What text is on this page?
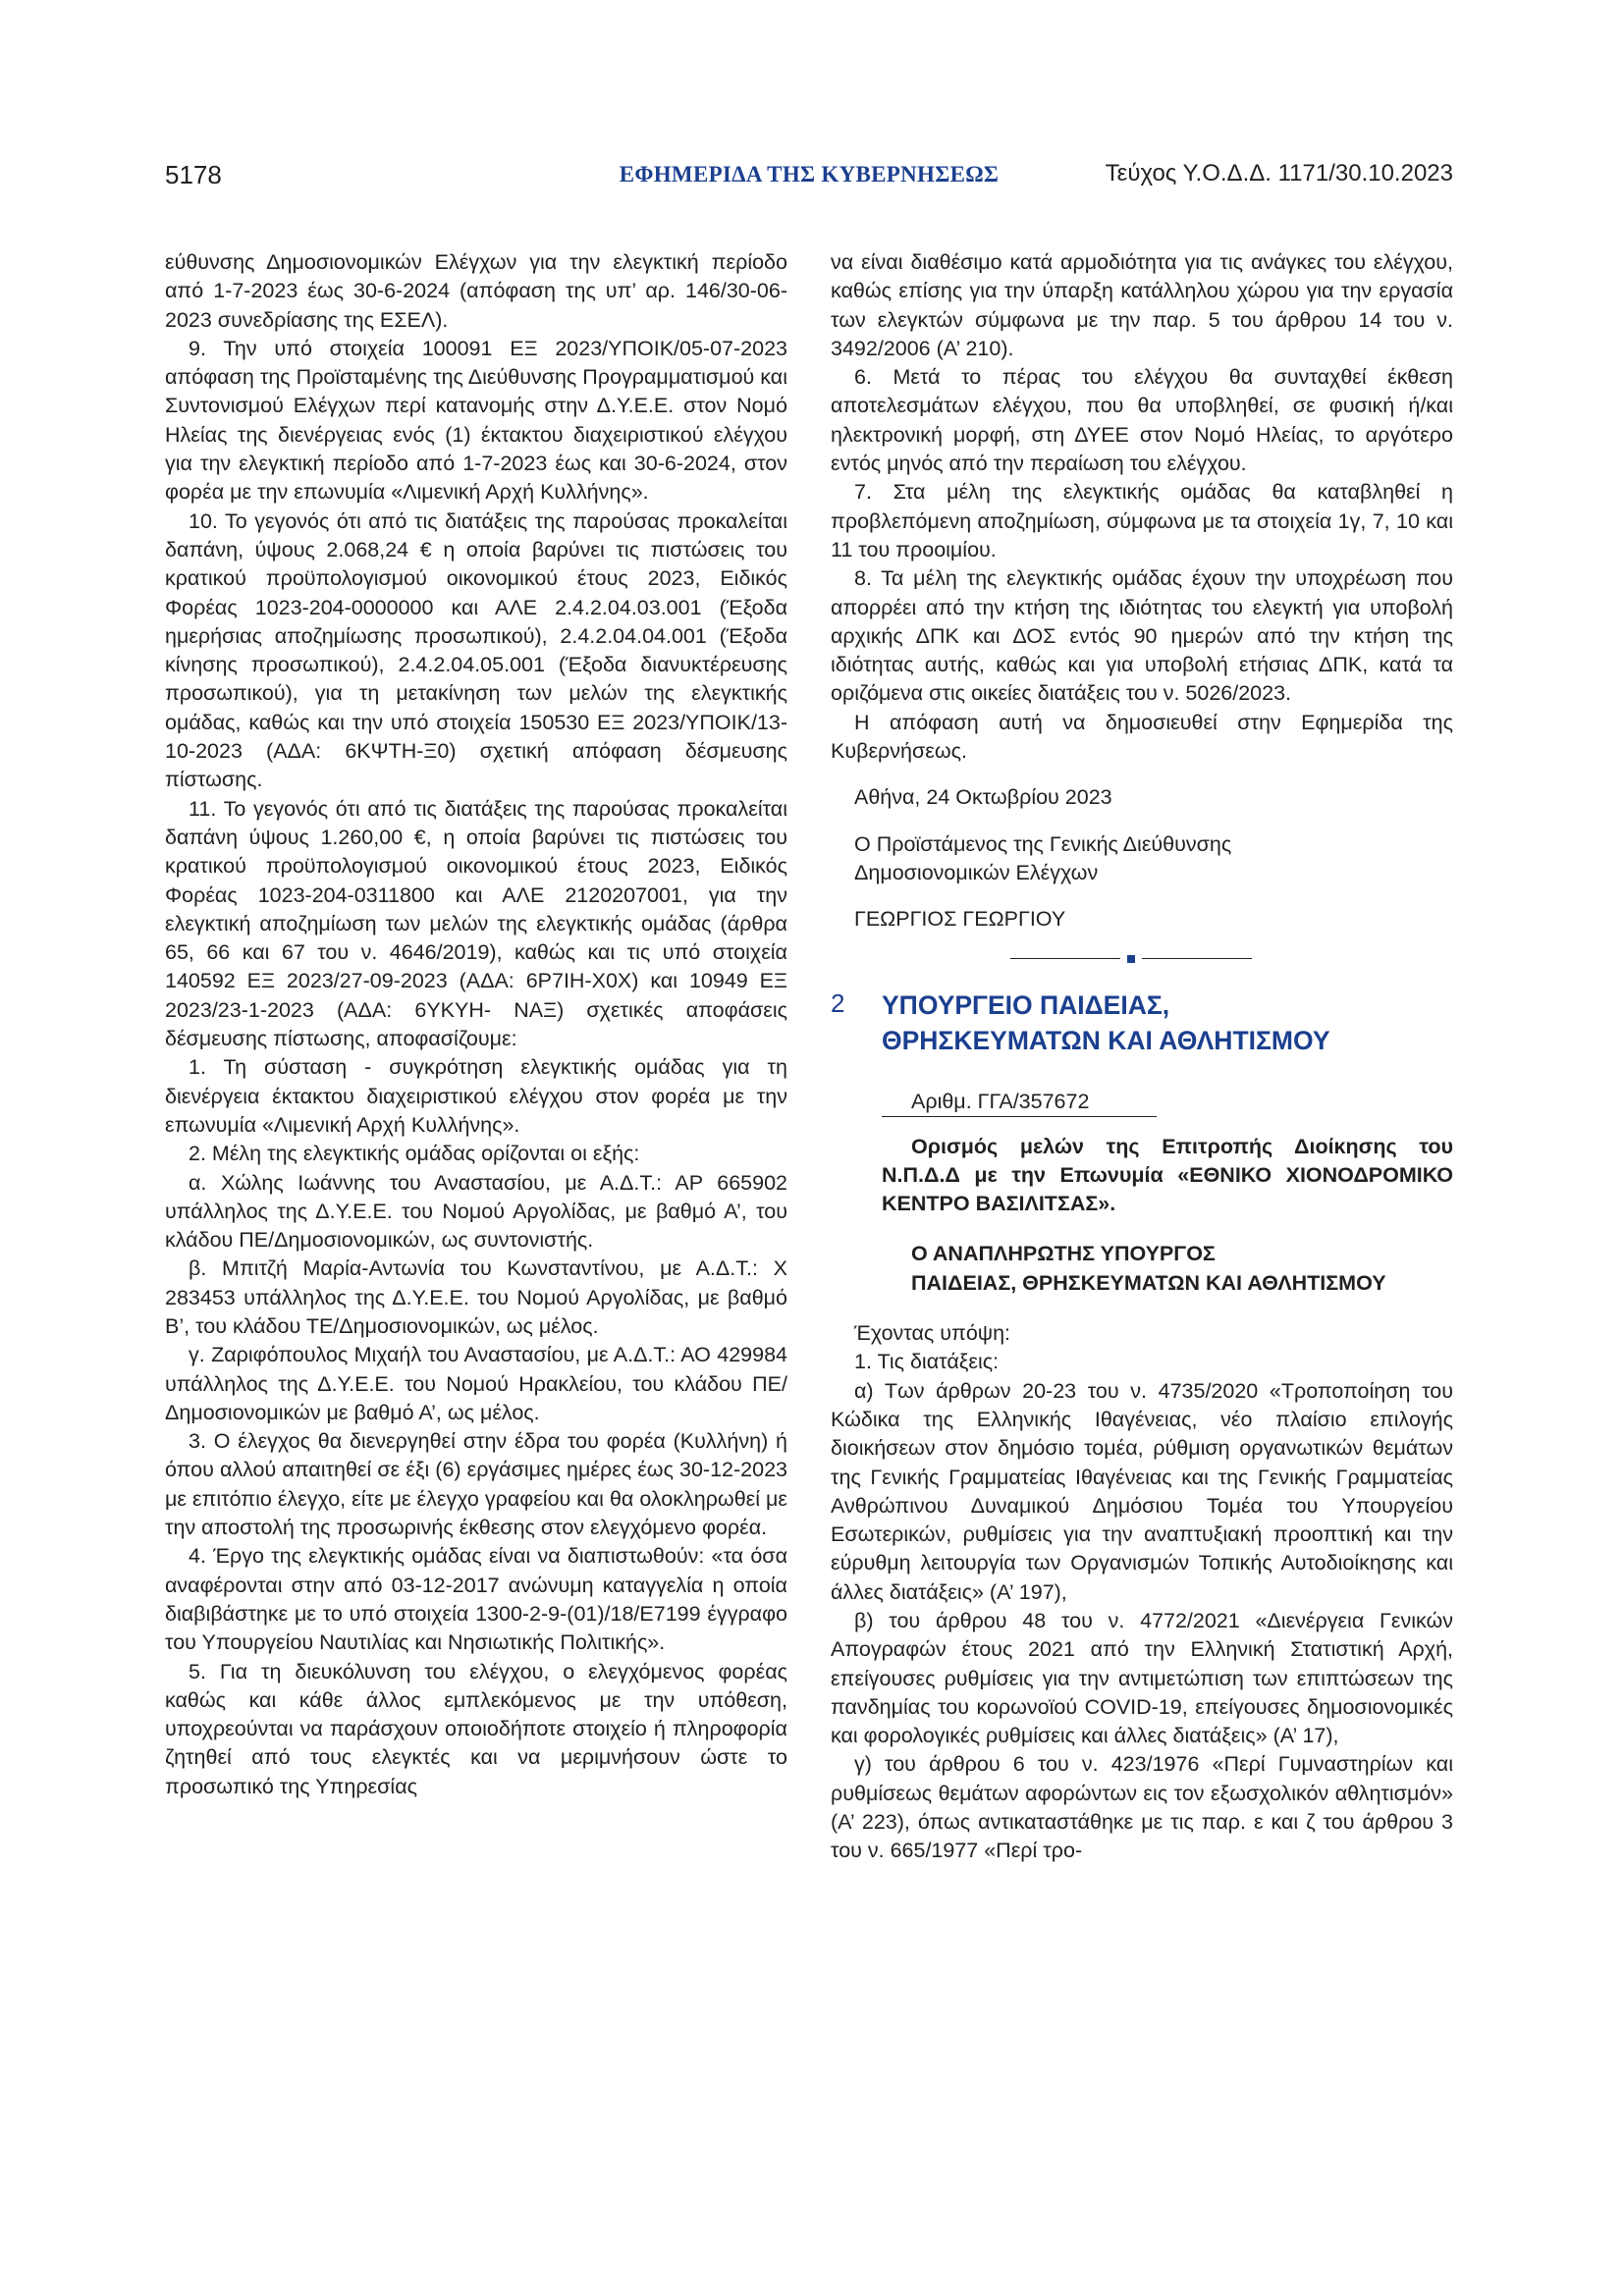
5178	ΕΦΗΜΕΡΙΔΑ ΤΗΣ ΚΥΒΕΡΝΗΣΕΩΣ	Τεύχος Υ.Ο.Δ.Δ. 1171/30.10.2023

εύθυνσης Δημοσιονομικών Ελέγχων για την ελεγκτική περίοδο από 1-7-2023 έως 30-6-2024 (απόφαση της υπ’ αρ. 146/30-06-2023 συνεδρίασης της ΕΣΕΛ).

9. Την υπό στοιχεία 100091 ΕΞ 2023/ΥΠΟΙΚ/05-07-2023 απόφαση της Προϊσταμένης της Διεύθυνσης Προγραμματισμού και Συντονισμού Ελέγχων περί κατανομής στην Δ.Υ.Ε.Ε. στον Νομό Ηλείας της διενέργειας ενός (1) έκτακτου διαχειριστικού ελέγχου για την ελεγκτική περίοδο από 1-7-2023 έως και 30-6-2024, στον φορέα με την επωνυμία «Λιμενική Αρχή Κυλλήνης».

10. Το γεγονός ότι από τις διατάξεις της παρούσας προκαλείται δαπάνη, ύψους 2.068,24 € η οποία βαρύνει τις πιστώσεις του κρατικού προϋπολογισμού οικονομικού έτους 2023, Ειδικός Φορέας 1023-204-0000000 και ΑΛΕ 2.4.2.04.03.001 (Έξοδα ημερήσιας αποζημίωσης προσωπικού), 2.4.2.04.04.001 (Έξοδα κίνησης προσωπικού), 2.4.2.04.05.001 (Έξοδα διανυκτέρευσης προσωπικού), για τη μετακίνηση των μελών της ελεγκτικής ομάδας, καθώς και την υπό στοιχεία 150530 ΕΞ 2023/ΥΠΟΙΚ/13-10-2023 (ΑΔΑ: 6ΚΨΤΗ-Ξ0) σχετική απόφαση δέσμευσης πίστωσης.

11. Το γεγονός ότι από τις διατάξεις της παρούσας προκαλείται δαπάνη ύψους 1.260,00 €, η οποία βαρύνει τις πιστώσεις του κρατικού προϋπολογισμού οικονομικού έτους 2023, Ειδικός Φορέας 1023-204-0311800 και ΑΛΕ 2120207001, για την ελεγκτική αποζημίωση των μελών της ελεγκτικής ομάδας (άρθρα 65, 66 και 67 του ν. 4646/2019), καθώς και τις υπό στοιχεία 140592 ΕΞ 2023/27-09-2023 (ΑΔΑ: 6Ρ7ΙΗ-Χ0Χ) και 10949 ΕΞ 2023/23-1-2023 (ΑΔΑ: 6ΥΚΥΗ- ΝΑΞ) σχετικές αποφάσεις δέσμευσης πίστωσης, αποφασίζουμε:

1. Τη σύσταση - συγκρότηση ελεγκτικής ομάδας για τη διενέργεια έκτακτου διαχειριστικού ελέγχου στον φορέα με την επωνυμία «Λιμενική Αρχή Κυλλήνης».

2. Μέλη της ελεγκτικής ομάδας ορίζονται οι εξής:

α. Χώλης Ιωάννης του Αναστασίου, με Α.Δ.Τ.: ΑΡ 665902 υπάλληλος της Δ.Υ.Ε.Ε. του Νομού Αργολίδας, με βαθμό Α’, του κλάδου ΠΕ/Δημοσιονομικών, ως συντονιστής.

β. Μπιτζή Μαρία-Αντωνία του Κωνσταντίνου, με Α.Δ.Τ.: Χ 283453 υπάλληλος της Δ.Υ.Ε.Ε. του Νομού Αργολίδας, με βαθμό Β’, του κλάδου ΤΕ/Δημοσιονομικών, ως μέλος.

γ. Ζαριφόπουλος Μιχαήλ του Αναστασίου, με Α.Δ.Τ.: ΑΟ 429984 υπάλληλος της Δ.Υ.Ε.Ε. του Νομού Ηρακλείου, του κλάδου ΠΕ/Δημοσιονομικών με βαθμό Α’, ως μέλος.

3. Ο έλεγχος θα διενεργηθεί στην έδρα του φορέα (Κυλλήνη) ή όπου αλλού απαιτηθεί σε έξι (6) εργάσιμες ημέρες έως 30-12-2023 με επιτόπιο έλεγχο, είτε με έλεγχο γραφείου και θα ολοκληρωθεί με την αποστολή της προσωρινής έκθεσης στον ελεγχόμενο φορέα.

4. Έργο της ελεγκτικής ομάδας είναι να διαπιστωθούν: «τα όσα αναφέρονται στην από 03-12-2017 ανώνυμη καταγγελία η οποία διαβιβάστηκε με το υπό στοιχεία 1300-2-9-(01)/18/Ε7199 έγγραφο του Υπουργείου Ναυτιλίας και Νησιωτικής Πολιτικής».

5. Για τη διευκόλυνση του ελέγχου, ο ελεγχόμενος φορέας καθώς και κάθε άλλος εμπλεκόμενος με την υπόθεση, υποχρεούνται να παράσχουν οποιοδήποτε στοιχείο ή πληροφορία ζητηθεί από τους ελεγκτές και να μεριμνήσουν ώστε το προσωπικό της Υπηρεσίας

να είναι διαθέσιμο κατά αρμοδιότητα για τις ανάγκες του ελέγχου, καθώς επίσης για την ύπαρξη κατάλληλου χώρου για την εργασία των ελεγκτών σύμφωνα με την παρ. 5 του άρθρου 14 του ν. 3492/2006 (Α’ 210).

6. Μετά το πέρας του ελέγχου θα συνταχθεί έκθεση αποτελεσμάτων ελέγχου, που θα υποβληθεί, σε φυσική ή/και ηλεκτρονική μορφή, στη ΔΥΕΕ στον Νομό Ηλείας, το αργότερο εντός μηνός από την περαίωση του ελέγχου.

7. Στα μέλη της ελεγκτικής ομάδας θα καταβληθεί η προβλεπόμενη αποζημίωση, σύμφωνα με τα στοιχεία 1γ, 7, 10 και 11 του προοιμίου.

8. Τα μέλη της ελεγκτικής ομάδας έχουν την υποχρέωση που απορρέει από την κτήση της ιδιότητας του ελεγκτή για υποβολή αρχικής ΔΠΚ και ΔΟΣ εντός 90 ημερών από την κτήση της ιδιότητας αυτής, καθώς και για υποβολή ετήσιας ΔΠΚ, κατά τα οριζόμενα στις οικείες διατάξεις του ν. 5026/2023.

Η απόφαση αυτή να δημοσιευθεί στην Εφημερίδα της Κυβερνήσεως.

Αθήνα, 24 Οκτωβρίου 2023

Ο Προϊστάμενος της Γενικής Διεύθυνσης

Δημοσιονομικών Ελέγχων

ΓΕΩΡΓΙΟΣ ΓΕΩΡΓΙΟΥ

2 ΥΠΟΥΡΓΕΙΟ ΠΑΙΔΕΙΑΣ,
ΘΡΗΣΚΕΥΜΑΤΩΝ ΚΑΙ ΑΘΛΗΤΙΣΜΟΥ
Αριθμ. ΓΓΑ/357672

Ορισμός μελών της Επιτροπής Διοίκησης του Ν.Π.Δ.Δ με την Επωνυμία «ΕΘΝΙΚΟ ΧΙΟΝΟΔΡΟΜΙΚΟ ΚΕΝΤΡΟ ΒΑΣΙΛΙΤΣΑΣ».

Ο ΑΝΑΠΛΗΡΩΤΗΣ ΥΠΟΥΡΓΟΣ
ΠΑΙΔΕΙΑΣ, ΘΡΗΣΚΕΥΜΑΤΩΝ ΚΑΙ ΑΘΛΗΤΙΣΜΟΥ

Έχοντας υπόψη:

1. Τις διατάξεις:

α) Των άρθρων 20-23 του ν. 4735/2020 «Τροποποίηση του Κώδικα της Ελληνικής Ιθαγένειας, νέο πλαίσιο επιλογής διοικήσεων στον δημόσιο τομέα, ρύθμιση οργανωτικών θεμάτων της Γενικής Γραμματείας Ιθαγένειας και της Γενικής Γραμματείας Ανθρώπινου Δυναμικού Δημόσιου Τομέα του Υπουργείου Εσωτερικών, ρυθμίσεις για την αναπτυξιακή προοπτική και την εύρυθμη λειτουργία των Οργανισμών Τοπικής Αυτοδιοίκησης και άλλες διατάξεις» (Α’ 197),

β) του άρθρου 48 του ν. 4772/2021 «Διενέργεια Γενικών Απογραφών έτους 2021 από την Ελληνική Στατιστική Αρχή, επείγουσες ρυθμίσεις για την αντιμετώπιση των επιπτώσεων της πανδημίας του κορωνοϊού COVID-19, επείγουσες δημοσιονομικές και φορολογικές ρυθμίσεις και άλλες διατάξεις» (Α’ 17),

γ) του άρθρου 6 του ν. 423/1976 «Περί Γυμναστηρίων και ρυθμίσεως θεμάτων αφορώντων εις τον εξωσχολικόν αθλητισμόν» (Α’ 223), όπως αντικαταστάθηκε με τις παρ. ε και ζ του άρθρου 3 του ν. 665/1977 «Περί τρο-
